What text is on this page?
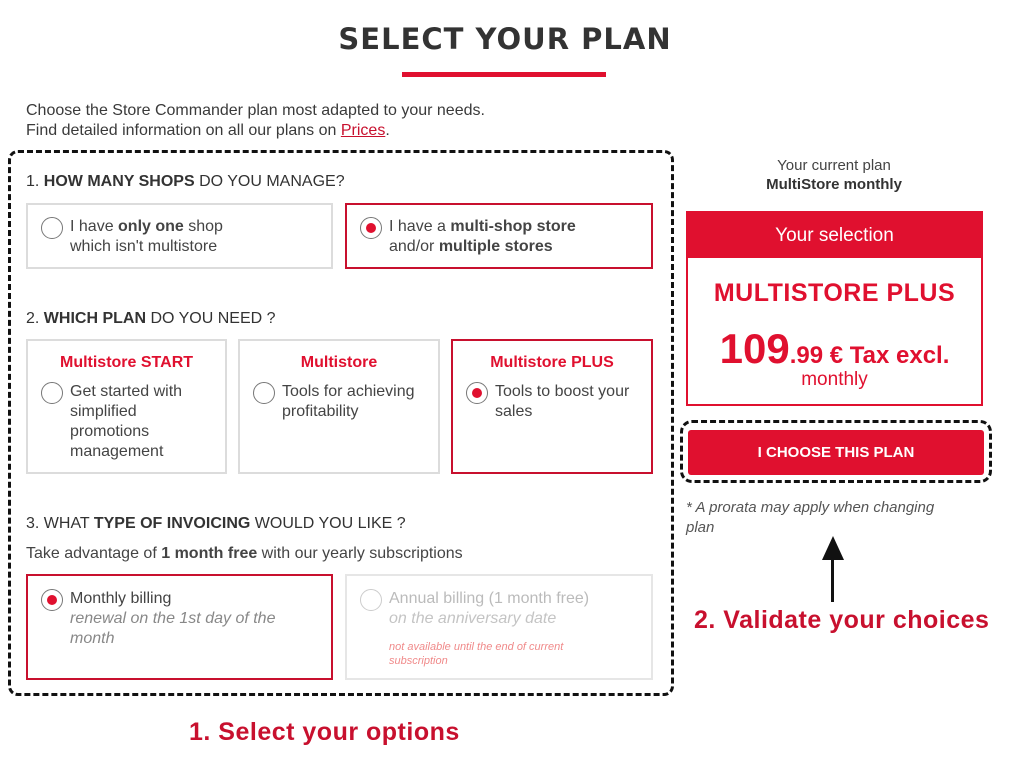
SELECT YOUR PLAN
Choose the Store Commander plan most adapted to your needs.
Find detailed information on all our plans on Prices.
1. HOW MANY SHOPS DO YOU MANAGE?
I have only one shop
which isn't multistore
I have a multi-shop store
and/or multiple stores
2. WHICH PLAN DO YOU NEED ?
Multistore START
Get started with
simplified
promotions
management
Multistore
Tools for achieving
profitability
Multistore PLUS
Tools to boost your
sales
3. WHAT TYPE OF INVOICING WOULD YOU LIKE ?
Take advantage of 1 month free with our yearly subscriptions
Monthly billing
renewal on the 1st day of the
month
Annual billing (1 month free)
on the anniversary date
not available until the end of current
subscription
Your current plan
MultiStore monthly
Your selection
MULTISTORE PLUS
109.99 € Tax excl.
monthly
I CHOOSE THIS PLAN
* A prorata may apply when changing
plan
2. Validate your choices
1. Select your options
